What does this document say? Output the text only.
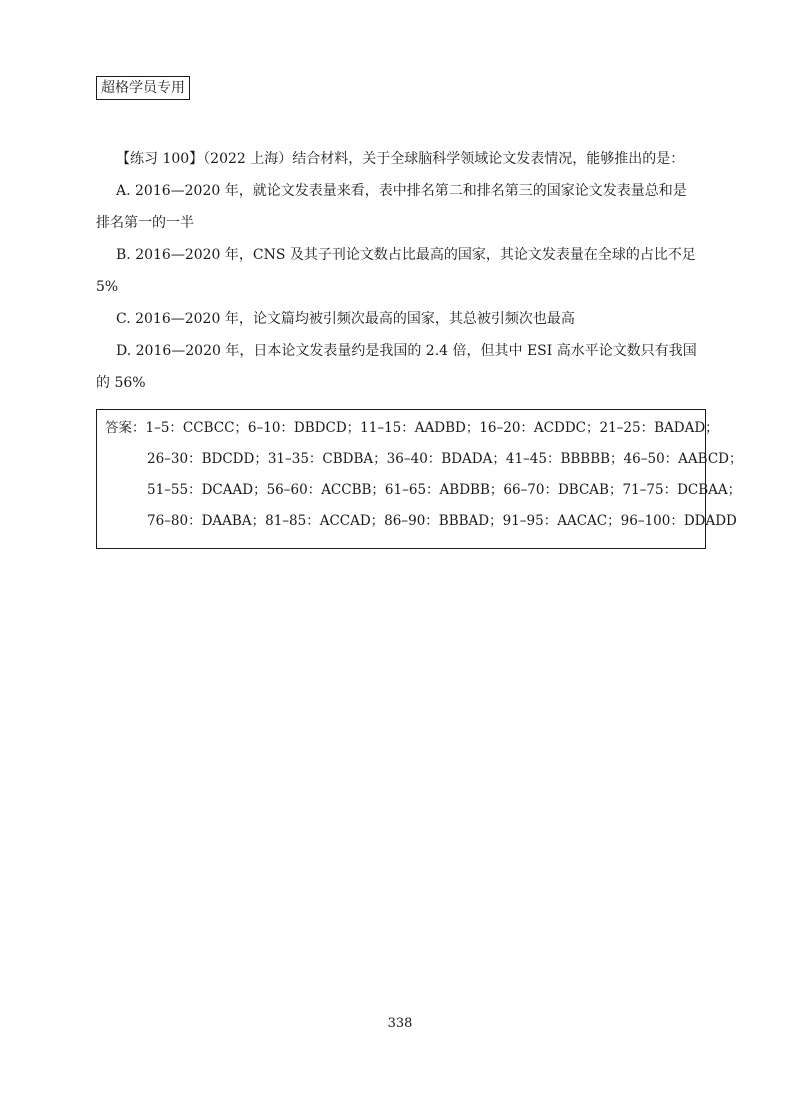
超格学员专用

【练习 100】（2022 上海）结合材料，关于全球脑科学领域论文发表情况，能够推出的是：

A. 2016—2020 年，就论文发表量来看，表中排名第二和排名第三的国家论文发表量总和是

排名第一的一半

B. 2016—2020 年，CNS 及其子刊论文数占比最高的国家，其论文发表量在全球的占比不足

5%

C. 2016—2020 年，论文篇均被引频次最高的国家，其总被引频次也最高

D. 2016—2020 年，日本论文发表量约是我国的 2.4 倍，但其中 ESI 高水平论文数只有我国

的 56%

答案：1–5：CCBCC；6–10：DBDCD；11–15：AADBD；16–20：ACDDC；21–25：BADAD；
26–30：BDCDD；31–35：CBDBA；36–40：BDADA；41–45：BBBBB；46–50：AABCD；
51–55：DCAAD；56–60：ACCBB；61–65：ABDBB；66–70：DBCAB；71–75：DCBAA；
76–80：DAABA；81–85：ACCAD；86–90：BBBAD；91–95：AACAC；96–100：DDADD
338
